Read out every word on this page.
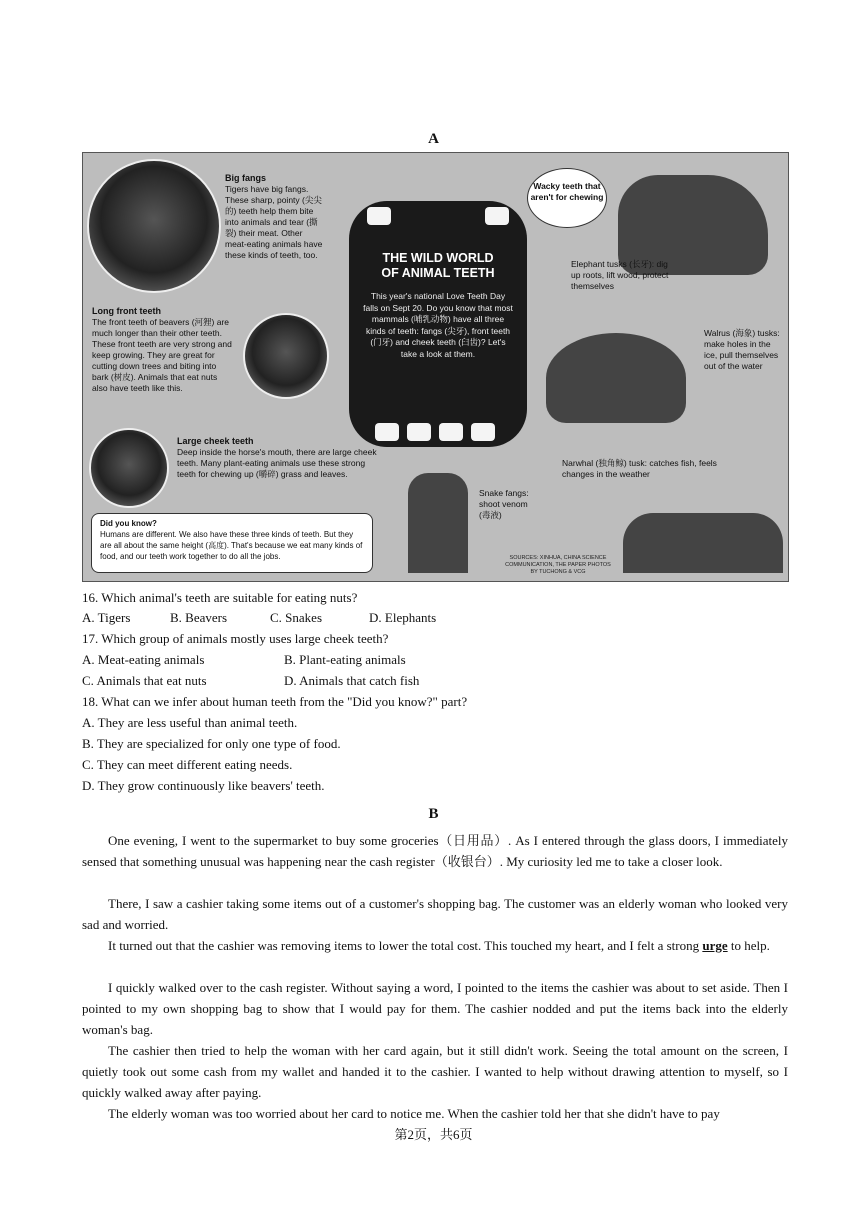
A
Big fangs
Tigers have big fangs. These sharp, pointy (尖尖的) teeth help them bite into animals and tear (撕裂) their meat. Other meat-eating animals have these kinds of teeth, too.
Long front teeth
The front teeth of beavers (河狸) are much longer than their other teeth. These front teeth are very strong and keep growing. They are great for cutting down trees and biting into bark (树皮). Animals that eat nuts also have teeth like this.
Large cheek teeth
Deep inside the horse's mouth, there are large cheek teeth. Many plant-eating animals use these strong teeth for chewing up (嚼碎) grass and leaves.
THE WILD WORLD
OF ANIMAL TEETH
This year's national Love Teeth Day falls on Sept 20. Do you know that most mammals (哺乳动物) have all three kinds of teeth: fangs (尖牙), front teeth (门牙) and cheek teeth (臼齿)? Let's take a look at them.
Wacky teeth that aren't for chewing
Elephant tusks (长牙): dig up roots, lift wood, protect themselves
Walrus (海象) tusks: make holes in the ice, pull themselves out of the water
Narwhal (独角鲸) tusk: catches fish, feels changes in the weather
Snake fangs: shoot venom (毒液)
Did you know?
Humans are different. We also have these three kinds of teeth. But they are all about the same height (高度). That's because we eat many kinds of food, and our teeth work together to do all the jobs.	SOURCES: XINHUA, CHINA SCIENCE COMMUNICATION, THE PAPER PHOTOS BY TUCHONG & VCG
16. Which animal's teeth are suitable for eating nuts?
A. Tigers	B. Beavers	C. Snakes	D. Elephants
17. Which group of animals mostly uses large cheek teeth?
A. Meat-eating animals	B. Plant-eating animals
C. Animals that eat nuts	D. Animals that catch fish
18. What can we infer about human teeth from the "Did you know?" part?
A. They are less useful than animal teeth.
B. They are specialized for only one type of food.
C. They can meet different eating needs.
D. They grow continuously like beavers' teeth.
B
One evening, I went to the supermarket to buy some groceries（日用品）. As I entered through the glass doors, I immediately sensed that something unusual was happening near the cash register（收银台）. My curiosity led me to take a closer look.
There, I saw a cashier taking some items out of a customer's shopping bag. The customer was an elderly woman who looked very sad and worried.
It turned out that the cashier was removing items to lower the total cost. This touched my heart, and I felt a strong urge to help.
I quickly walked over to the cash register. Without saying a word, I pointed to the items the cashier was about to set aside. Then I pointed to my own shopping bag to show that I would pay for them. The cashier nodded and put the items back into the elderly woman's bag.
The cashier then tried to help the woman with her card again, but it still didn't work. Seeing the total amount on the screen, I quietly took out some cash from my wallet and handed it to the cashier. I wanted to help without drawing attention to myself, so I quickly walked away after paying.
The elderly woman was too worried about her card to notice me. When the cashier told her that she didn't have to pay
第2页，共6页
